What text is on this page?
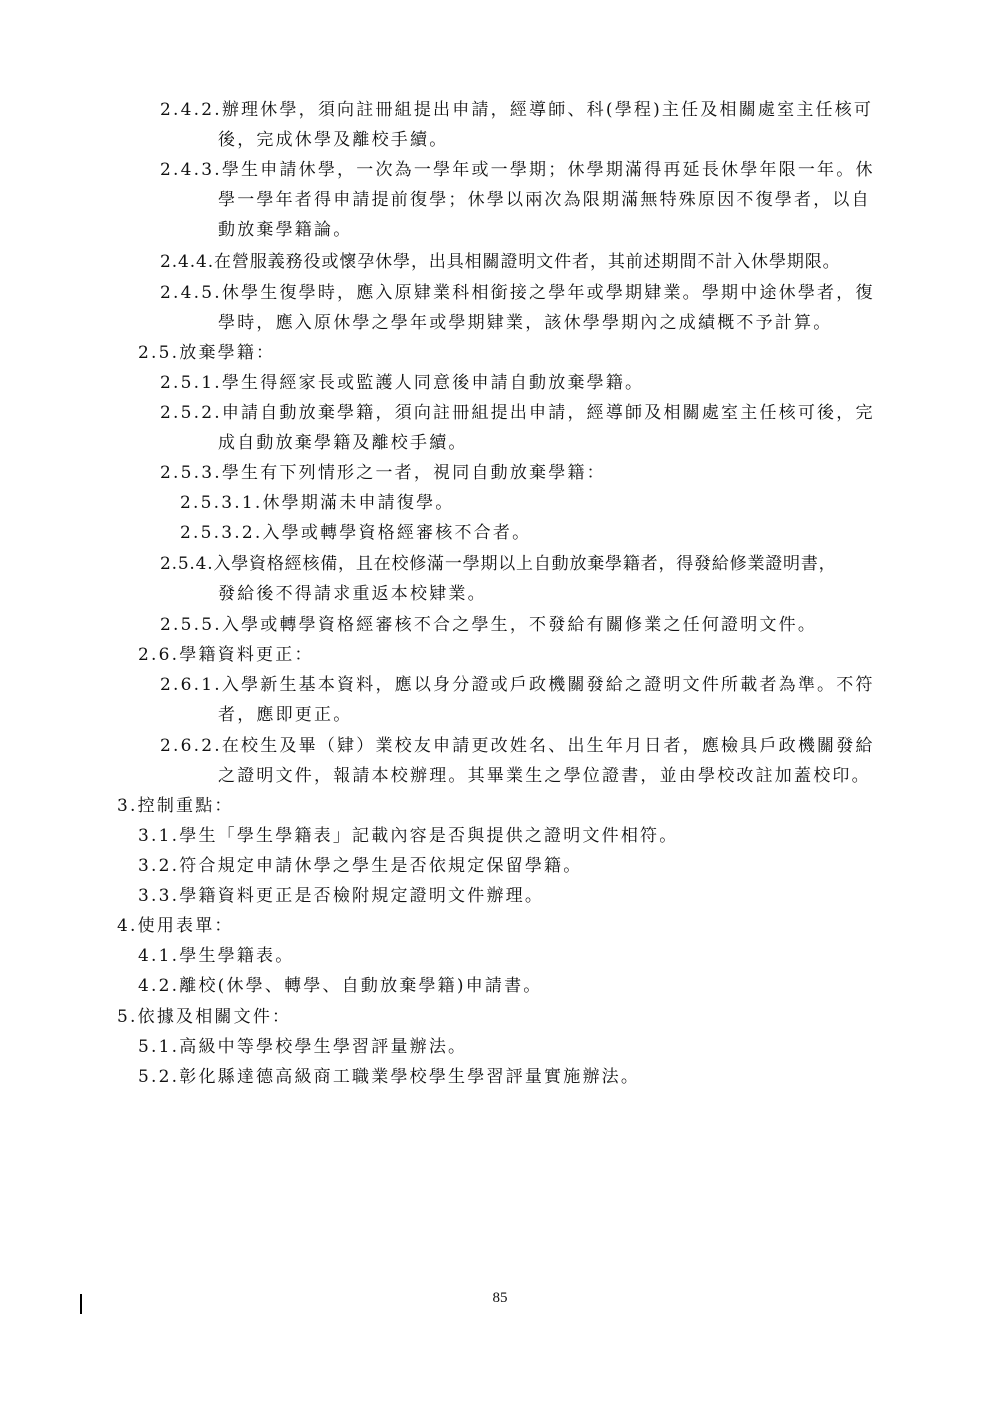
2.4.2.辦理休學，須向註冊組提出申請，經導師、科(學程)主任及相關處室主任核可
後，完成休學及離校手續。
2.4.3.學生申請休學，一次為一學年或一學期；休學期滿得再延長休學年限一年。休
學一學年者得申請提前復學；休學以兩次為限期滿無特殊原因不復學者，以自
動放棄學籍論。
2.4.4.在營服義務役或懷孕休學，出具相關證明文件者，其前述期間不計入休學期限。
2.4.5.休學生復學時，應入原肄業科相銜接之學年或學期肄業。學期中途休學者，復
學時，應入原休學之學年或學期肄業，該休學學期內之成績概不予計算。
2.5.放棄學籍：
2.5.1.學生得經家長或監護人同意後申請自動放棄學籍。
2.5.2.申請自動放棄學籍，須向註冊組提出申請，經導師及相關處室主任核可後，完
成自動放棄學籍及離校手續。
2.5.3.學生有下列情形之一者，視同自動放棄學籍：
2.5.3.1.休學期滿未申請復學。
2.5.3.2.入學或轉學資格經審核不合者。
2.5.4.入學資格經核備，且在校修滿一學期以上自動放棄學籍者，得發給修業證明書，
發給後不得請求重返本校肄業。
2.5.5.入學或轉學資格經審核不合之學生，不發給有關修業之任何證明文件。
2.6.學籍資料更正：
2.6.1.入學新生基本資料，應以身分證或戶政機關發給之證明文件所載者為準。不符
者，應即更正。
2.6.2.在校生及畢（肄）業校友申請更改姓名、出生年月日者，應檢具戶政機關發給
之證明文件，報請本校辦理。其畢業生之學位證書，並由學校改註加蓋校印。
3.控制重點：
3.1.學生「學生學籍表」記載內容是否與提供之證明文件相符。
3.2.符合規定申請休學之學生是否依規定保留學籍。
3.3.學籍資料更正是否檢附規定證明文件辦理。
4.使用表單：
4.1.學生學籍表。
4.2.離校(休學、轉學、自動放棄學籍)申請書。
5.依據及相關文件：
5.1.高級中等學校學生學習評量辦法。
5.2.彰化縣達德高級商工職業學校學生學習評量實施辦法。
85
